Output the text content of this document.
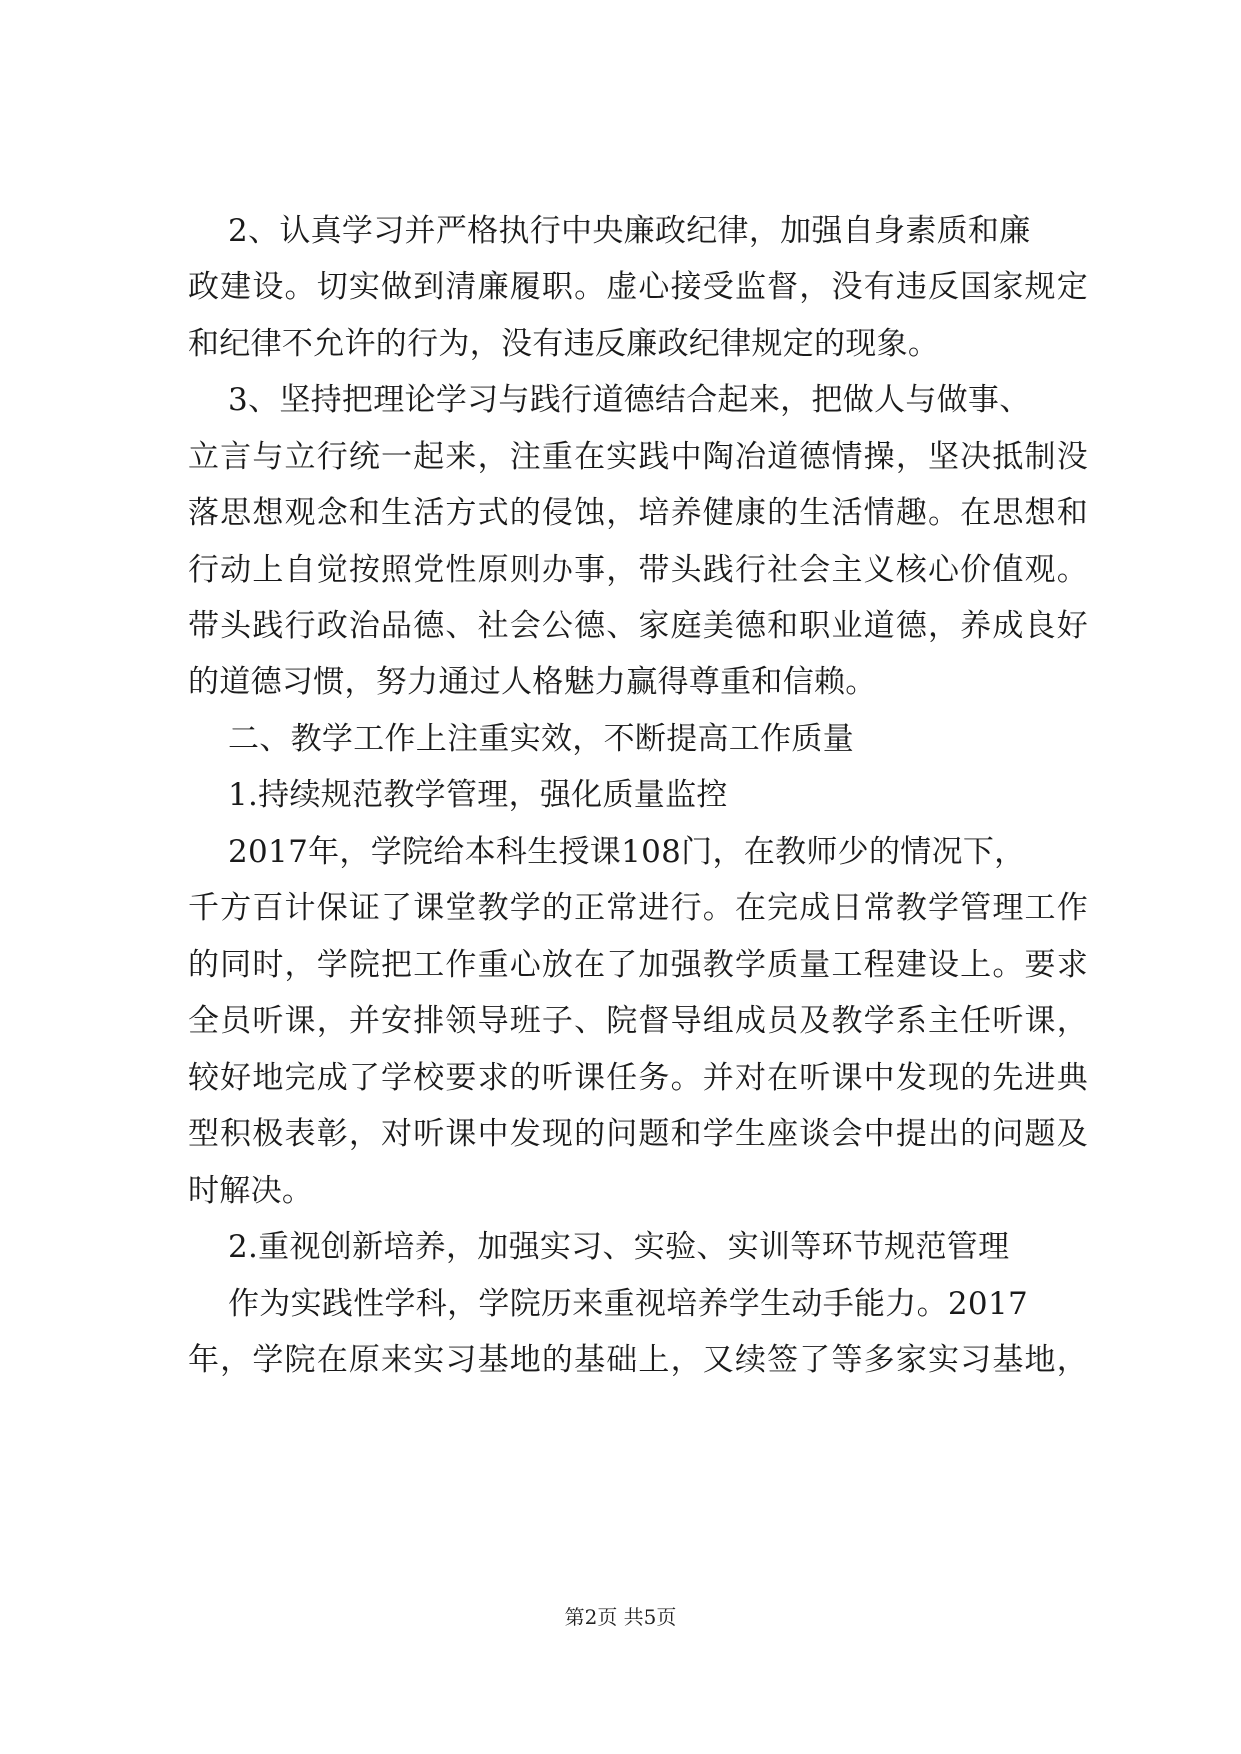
2、认真学习并严格执行中央廉政纪律，加强自身素质和廉
政建设。切实做到清廉履职。虚心接受监督，没有违反国家规定
和纪律不允许的行为，没有违反廉政纪律规定的现象。
3、坚持把理论学习与践行道德结合起来，把做人与做事、
立言与立行统一起来，注重在实践中陶冶道德情操，坚决抵制没
落思想观念和生活方式的侵蚀，培养健康的生活情趣。在思想和
行动上自觉按照党性原则办事，带头践行社会主义核心价值观。
带头践行政治品德、社会公德、家庭美德和职业道德，养成良好
的道德习惯，努力通过人格魅力赢得尊重和信赖。
二、教学工作上注重实效，不断提高工作质量
1.持续规范教学管理，强化质量监控
2017年，学院给本科生授课108门，在教师少的情况下，
千方百计保证了课堂教学的正常进行。在完成日常教学管理工作
的同时，学院把工作重心放在了加强教学质量工程建设上。要求
全员听课，并安排领导班子、院督导组成员及教学系主任听课，
较好地完成了学校要求的听课任务。并对在听课中发现的先进典
型积极表彰，对听课中发现的问题和学生座谈会中提出的问题及
时解决。
2.重视创新培养，加强实习、实验、实训等环节规范管理
作为实践性学科，学院历来重视培养学生动手能力。2017
年，学院在原来实习基地的基础上，又续签了等多家实习基地，
第2页 共5页
